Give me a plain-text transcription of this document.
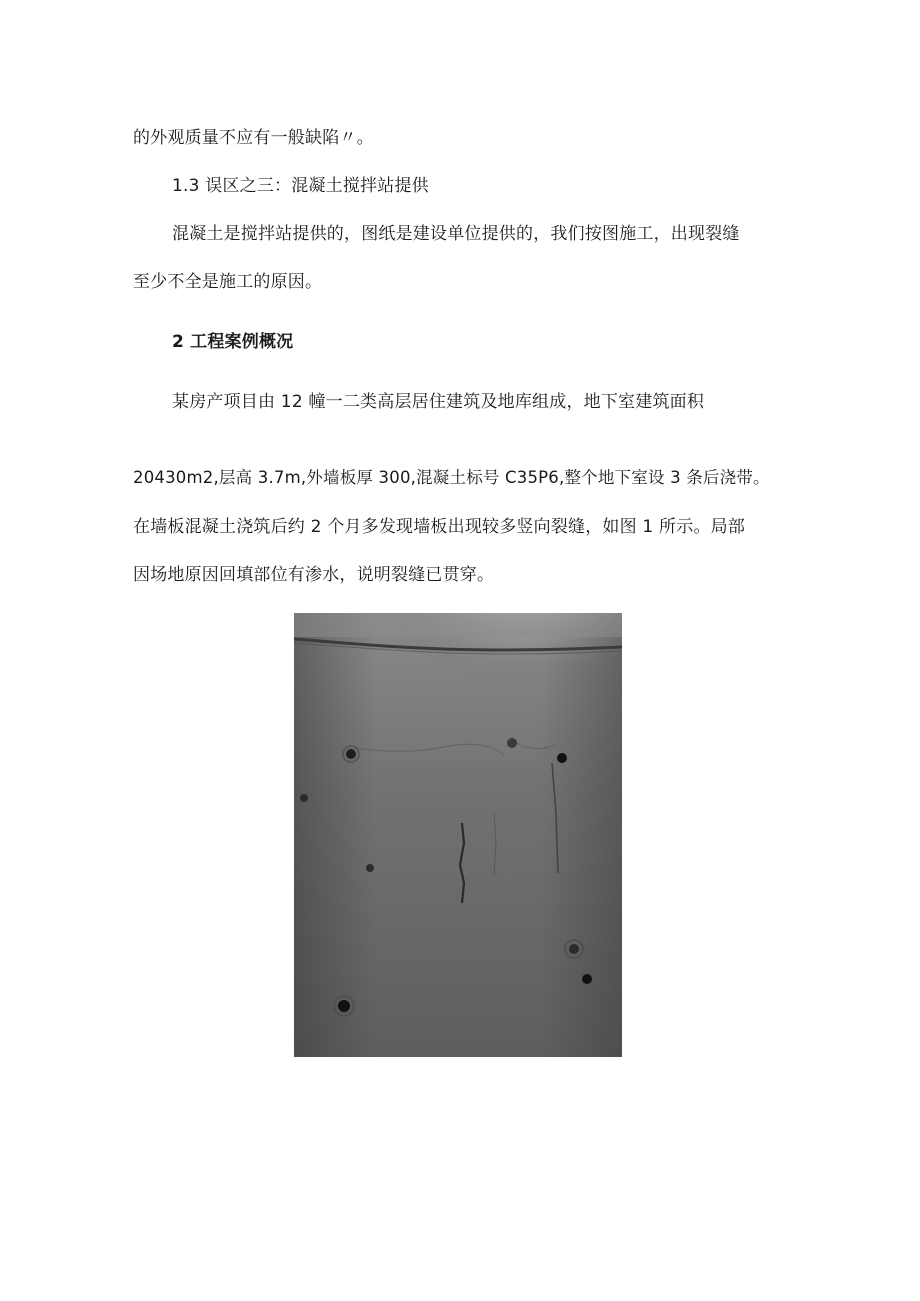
的外观质量不应有一般缺陷〃。
1.3 误区之三：混凝土搅拌站提供
混凝土是搅拌站提供的，图纸是建设单位提供的，我们按图施工，出现裂缝
至少不全是施工的原因。
2 工程案例概况
某房产项目由 12 幢一二类高层居住建筑及地库组成，地下室建筑面积
20430m2,层高 3.7m,外墙板厚 300,混凝土标号 C35P6,整个地下室设 3 条后浇带。
在墙板混凝土浇筑后约 2 个月多发现墙板出现较多竖向裂缝，如图 1 所示。局部
因场地原因回填部位有渗水，说明裂缝已贯穿。
